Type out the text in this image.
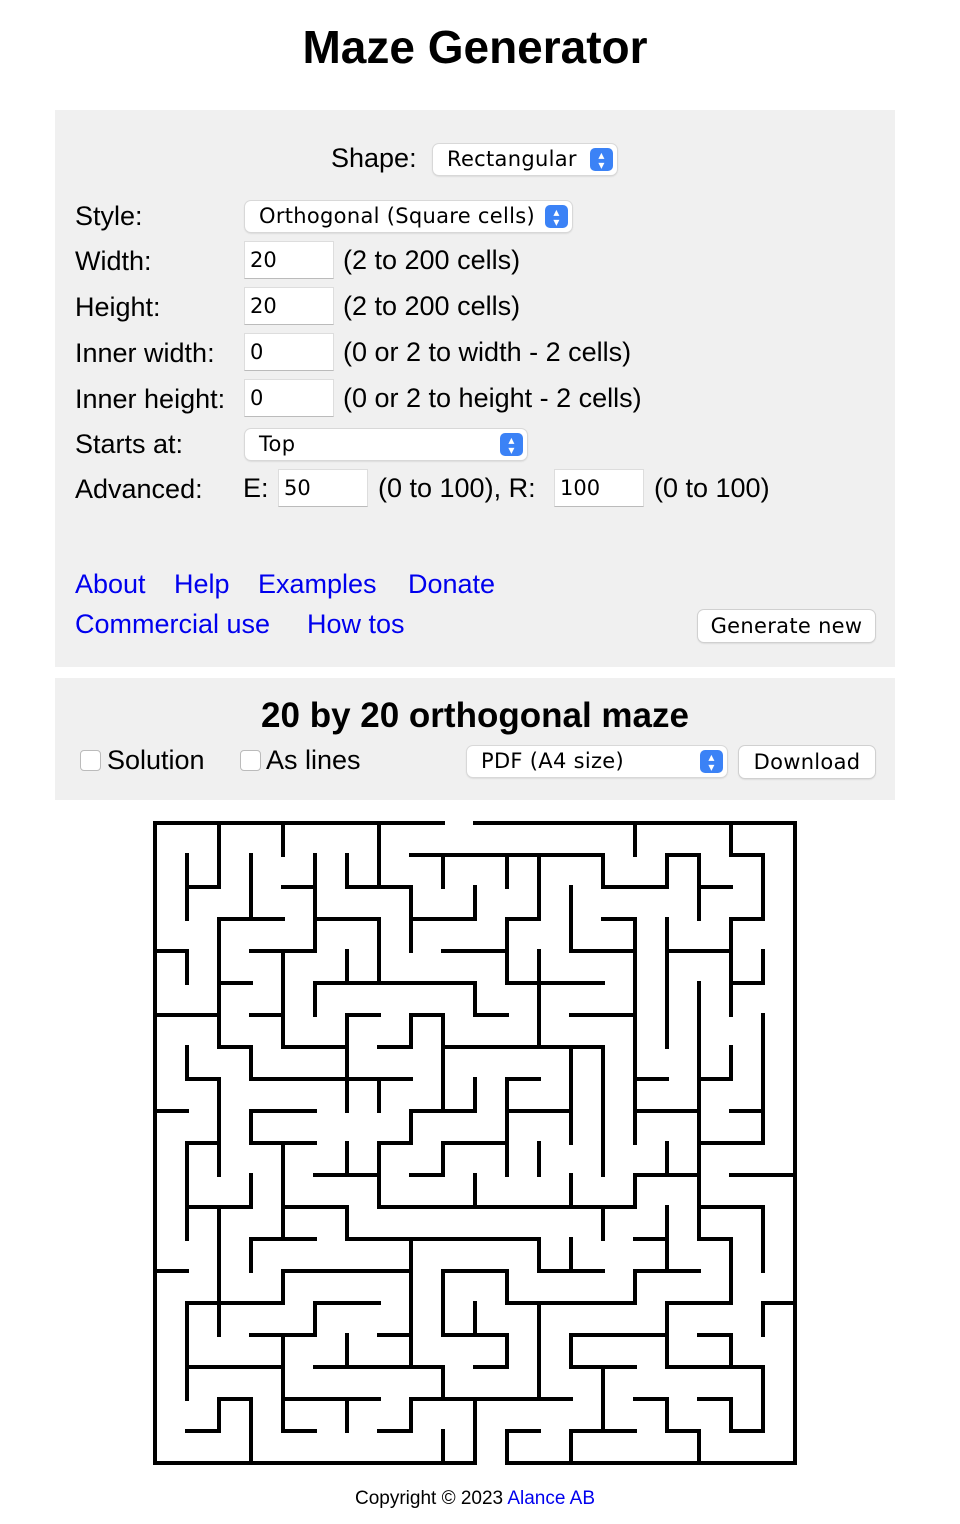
Maze Generator
Shape:	Rectangular	▴
▾
Style:	Orthogonal (Square cells)	▴
▾
Width:	20	(2 to 200 cells)
Height:	20	(2 to 200 cells)
Inner width: 0	(0 or 2 to width - 2 cells)
Inner height: 0	(0 or 2 to height - 2 cells)
Starts at:	Top	▴
▾
Advanced: E: 50	(0 to 100), R: 100	(0 to 100)
About Help Examples Donate
Commercial use How tos	Generate new
20 by 20 orthogonal maze
Solution As lines	PDF (A4 size)	▴
▾	Download
Copyright © 2023 Alance AB
